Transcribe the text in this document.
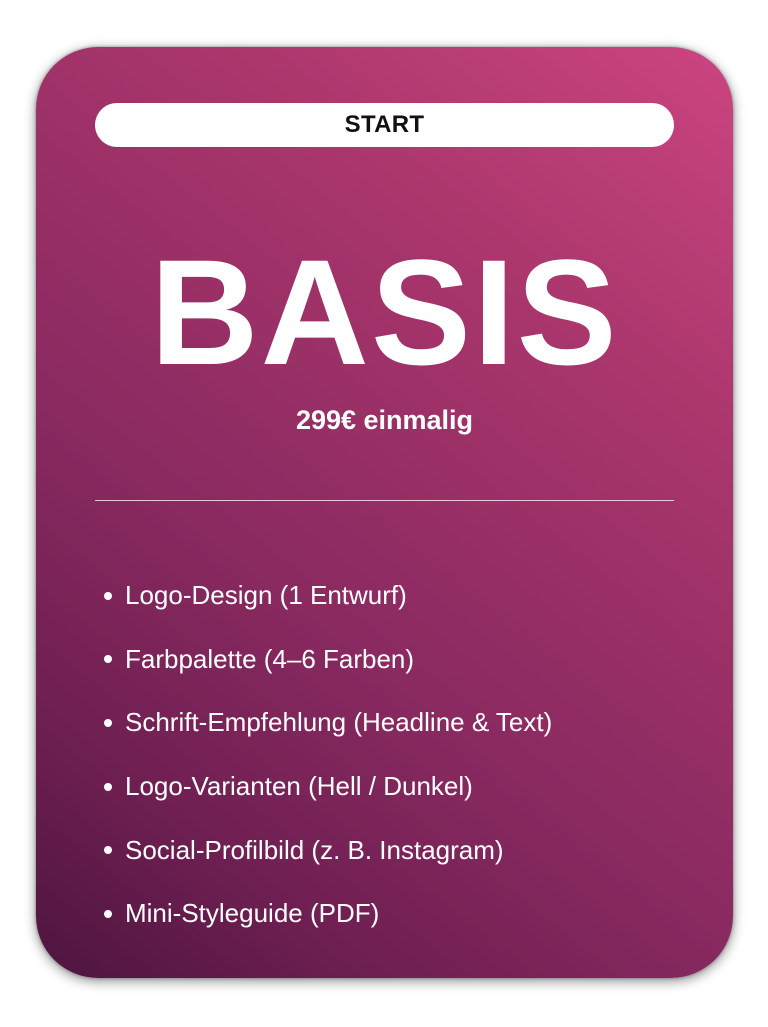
START
BASIS
299€ einmalig
Logo-Design (1 Entwurf)
Farbpalette (4–6 Farben)
Schrift-Empfehlung (Headline & Text)
Logo-Varianten (Hell / Dunkel)
Social-Profilbild (z. B. Instagram)
Mini-Styleguide (PDF)
